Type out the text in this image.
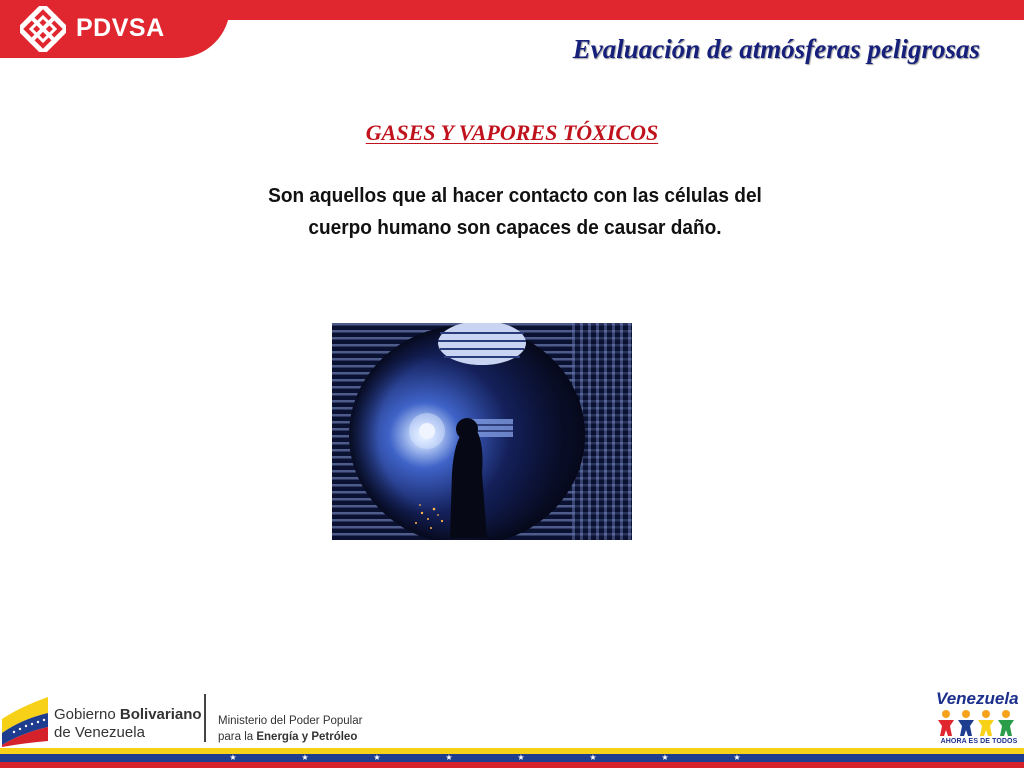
PDVSA
Evaluación de atmósferas peligrosas
GASES Y VAPORES TÓXICOS

Son aquellos que al hacer contacto con las células del
cuerpo humano son capaces de causar daño.

Gobierno Bolivariano
de Venezuela
Ministerio del Poder Popular
para la Energía y Petróleo
Venezuela
AHORA ES DE TODOS
★	★	★	★	★	★	★	★
